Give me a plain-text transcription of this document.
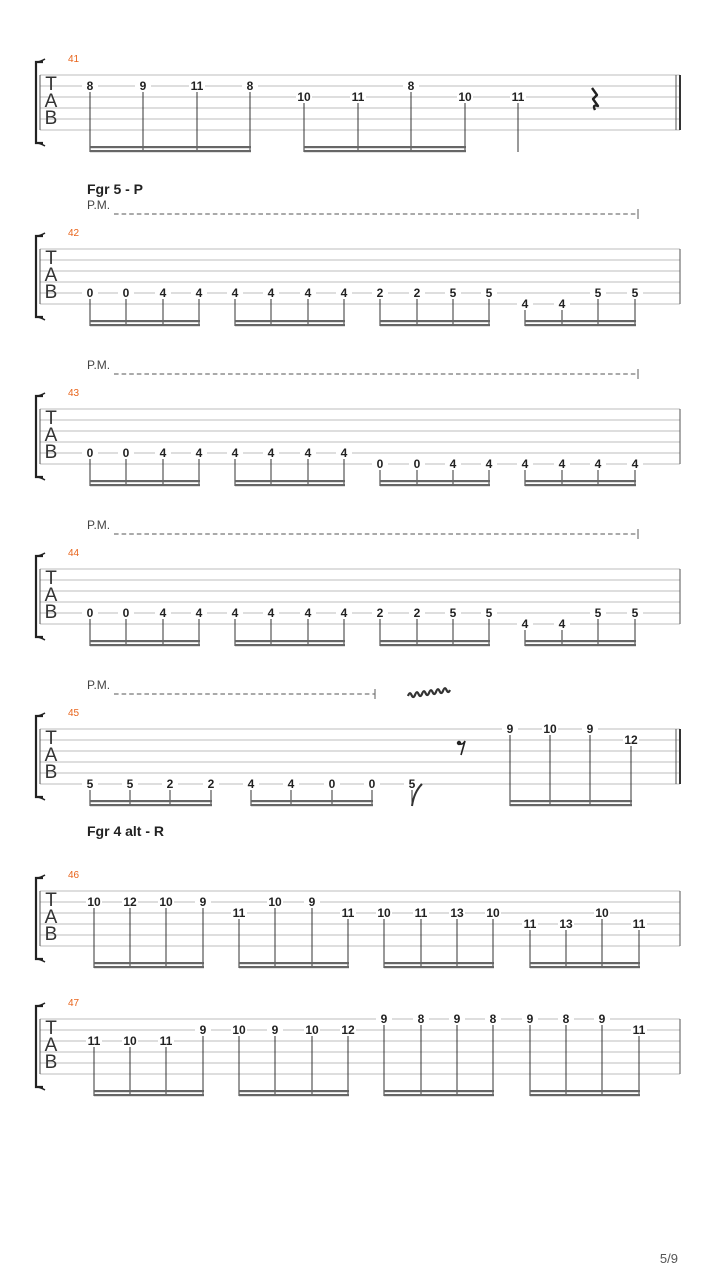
T
A
B
41
8	9	11	8
10	11
8
10	11
T
A
B
42
Fgr 5 - P
P.M.
0 0	4 4 4 4	4 4 2	2 5 5
4	4
5	5
T
A
B
43
P.M.
0 0	4 4 4 4	4 4
0	0 4 4 4	4 4	4
T
A
B
44
P.M.
0 0	4 4 4 4	4 4 2	2 5 5
4	4
5	5
T
A
B
45
P.M.
5	5	2	2	4	4	0	0	5
9 10 9
12
T
A
B
46
Fgr 4 alt - R
10 12 10 9
11
10 9
11 10 11 13 10
11 13
10
11
T
A
B
47
11 10 11
9 10 9 10 12
9	8 9 8	9 8 9
11
5/9
